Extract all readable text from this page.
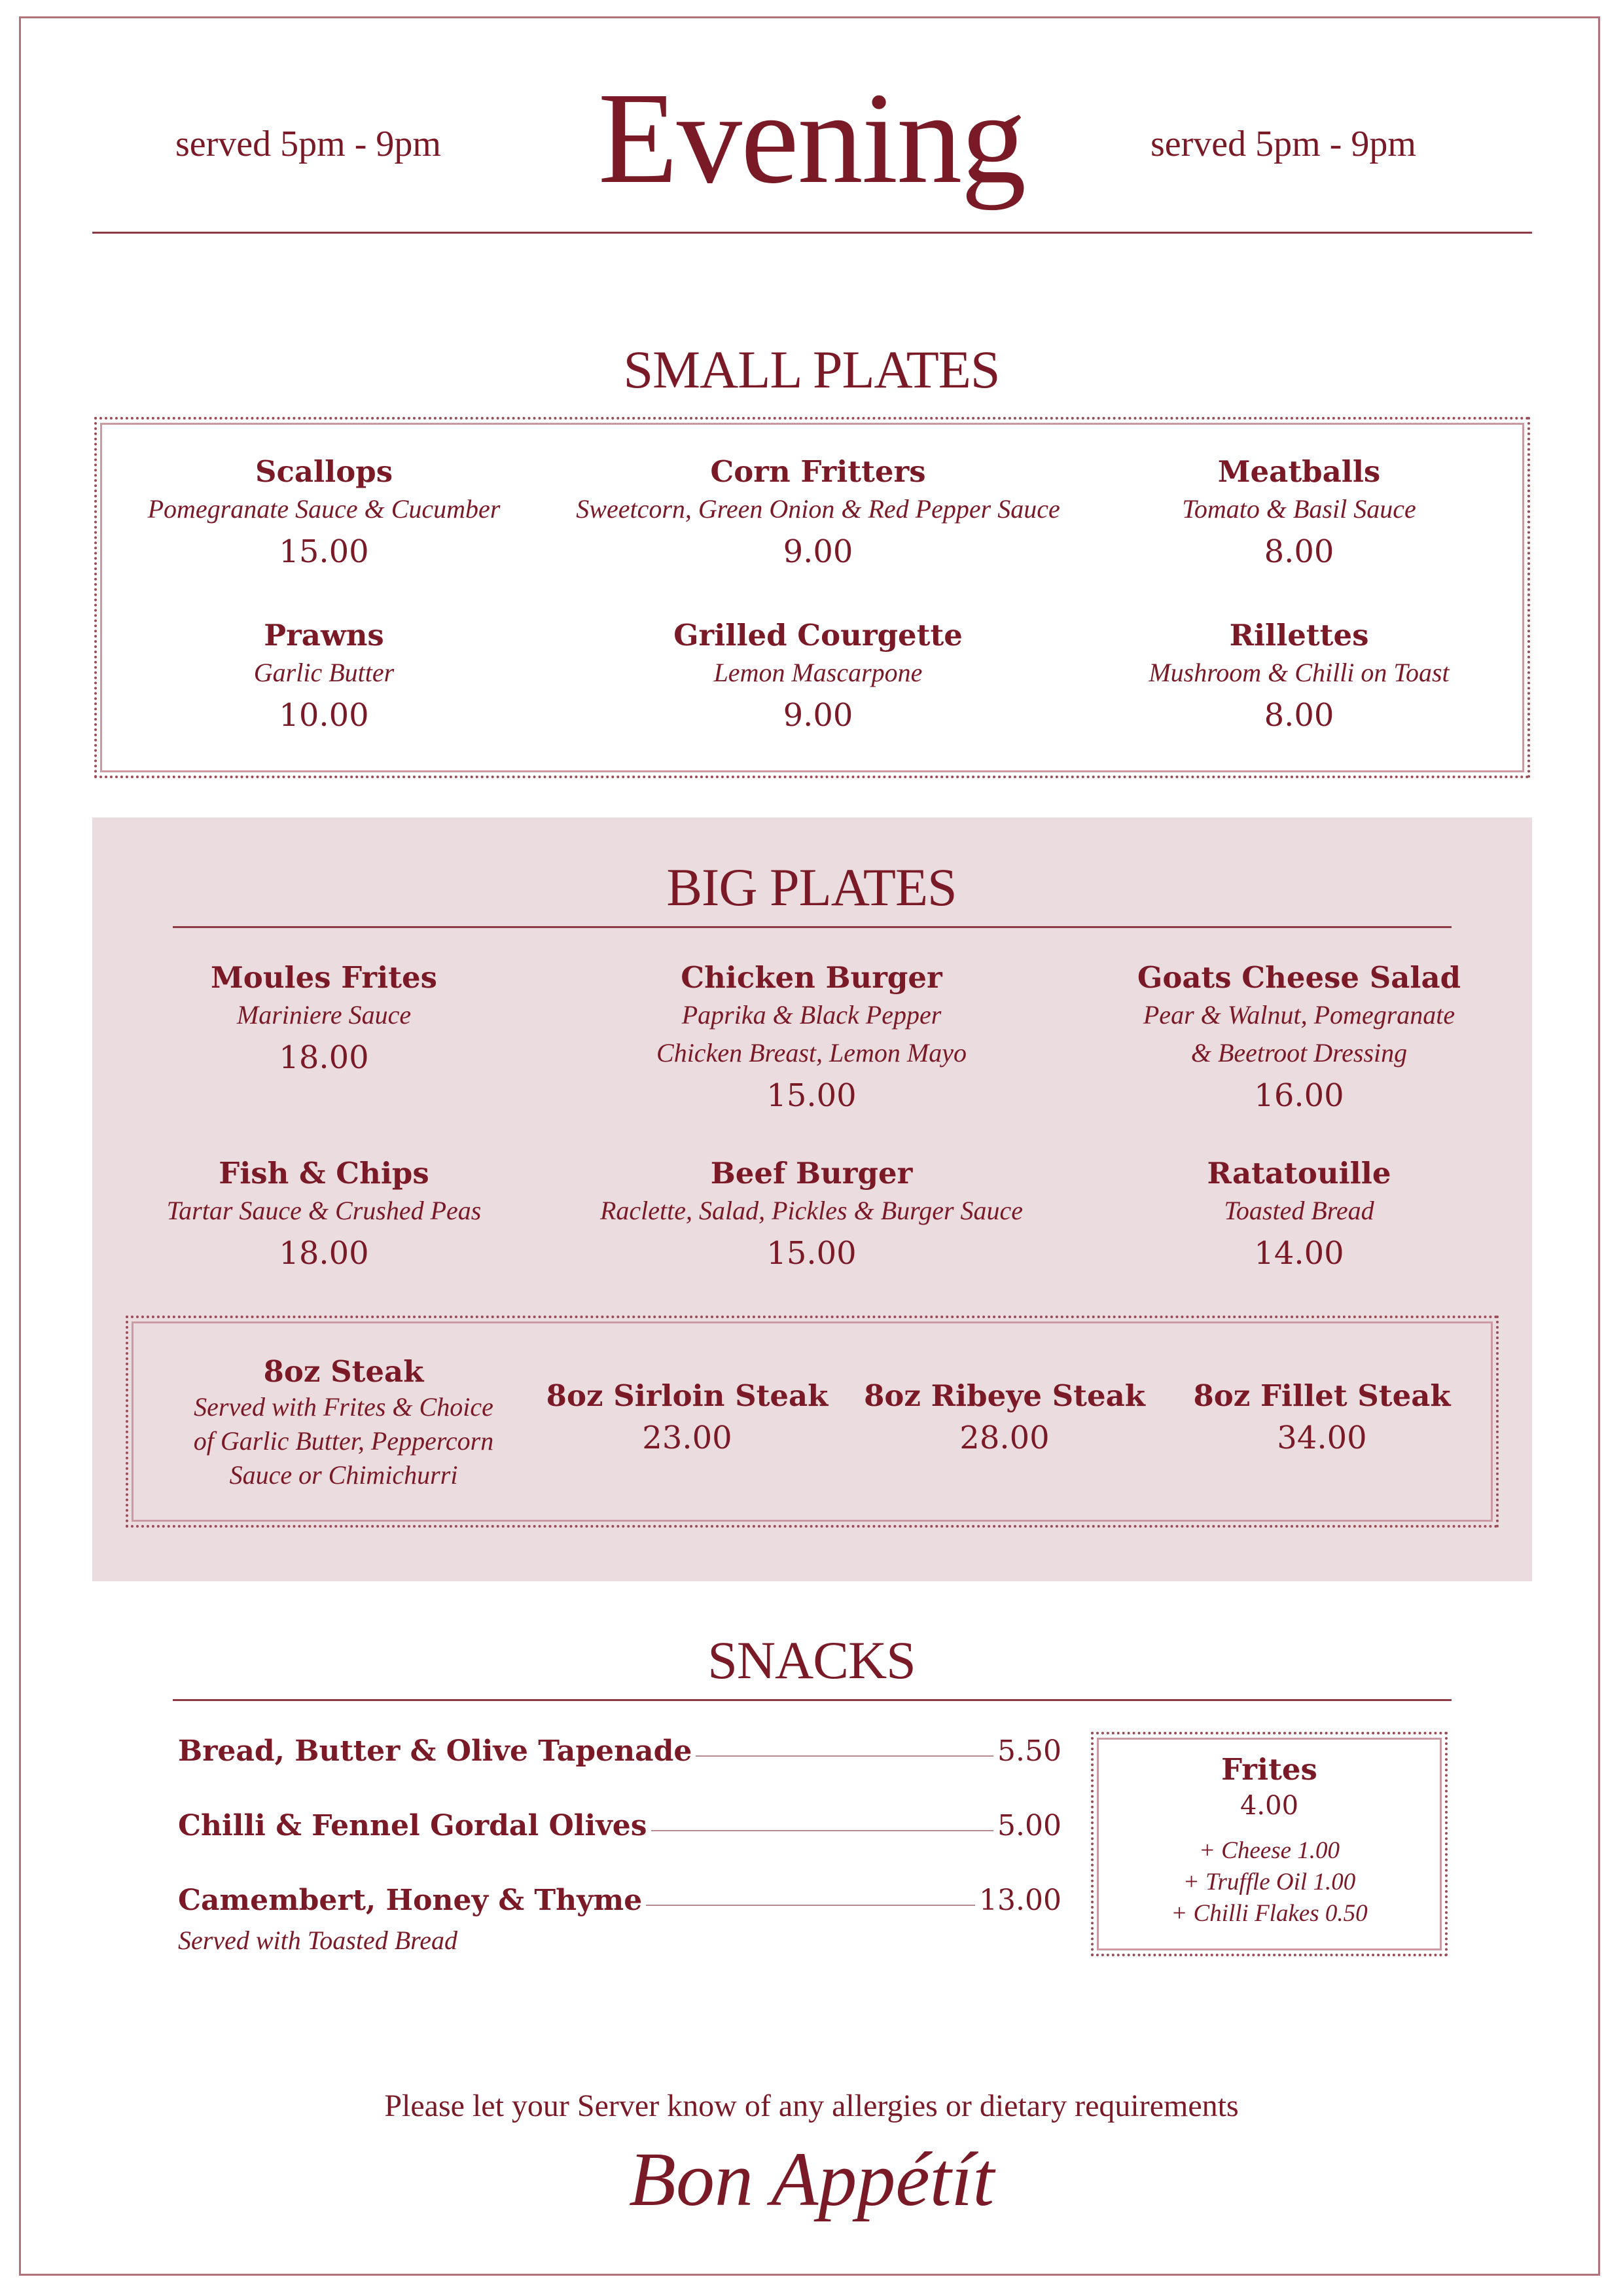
served 5pm - 9pm	Evening	served 5pm - 9pm
SMALL PLATES
Scallops
Pomegranate Sauce & Cucumber
15.00
Corn Fritters
Sweetcorn, Green Onion & Red Pepper Sauce
9.00
Meatballs
Tomato & Basil Sauce
8.00
Prawns
Garlic Butter
10.00
Grilled Courgette
Lemon Mascarpone
9.00
Rillettes
Mushroom & Chilli on Toast
8.00
BIG PLATES
Moules Frites
Mariniere Sauce
18.00
Chicken Burger
Paprika & Black Pepper
Chicken Breast, Lemon Mayo
15.00
Goats Cheese Salad
Pear & Walnut, Pomegranate
& Beetroot Dressing
16.00
Fish & Chips
Tartar Sauce & Crushed Peas
18.00
Beef Burger
Raclette, Salad, Pickles & Burger Sauce
15.00
Ratatouille
Toasted Bread
14.00
8oz Steak
Served with Frites & Choice
of Garlic Butter, Peppercorn
Sauce or Chimichurri
8oz Sirloin Steak
23.00
8oz Ribeye Steak
28.00
8oz Fillet Steak
34.00
SNACKS
Bread, Butter & Olive Tapenade	5.50
Chilli & Fennel Gordal Olives	5.00
Camembert, Honey & Thyme	13.00
Served with Toasted Bread
Frites
4.00
+ Cheese 1.00
+ Truffle Oil 1.00
+ Chilli Flakes 0.50
Please let your Server know of any allergies or dietary requirements
Bon Appétít
